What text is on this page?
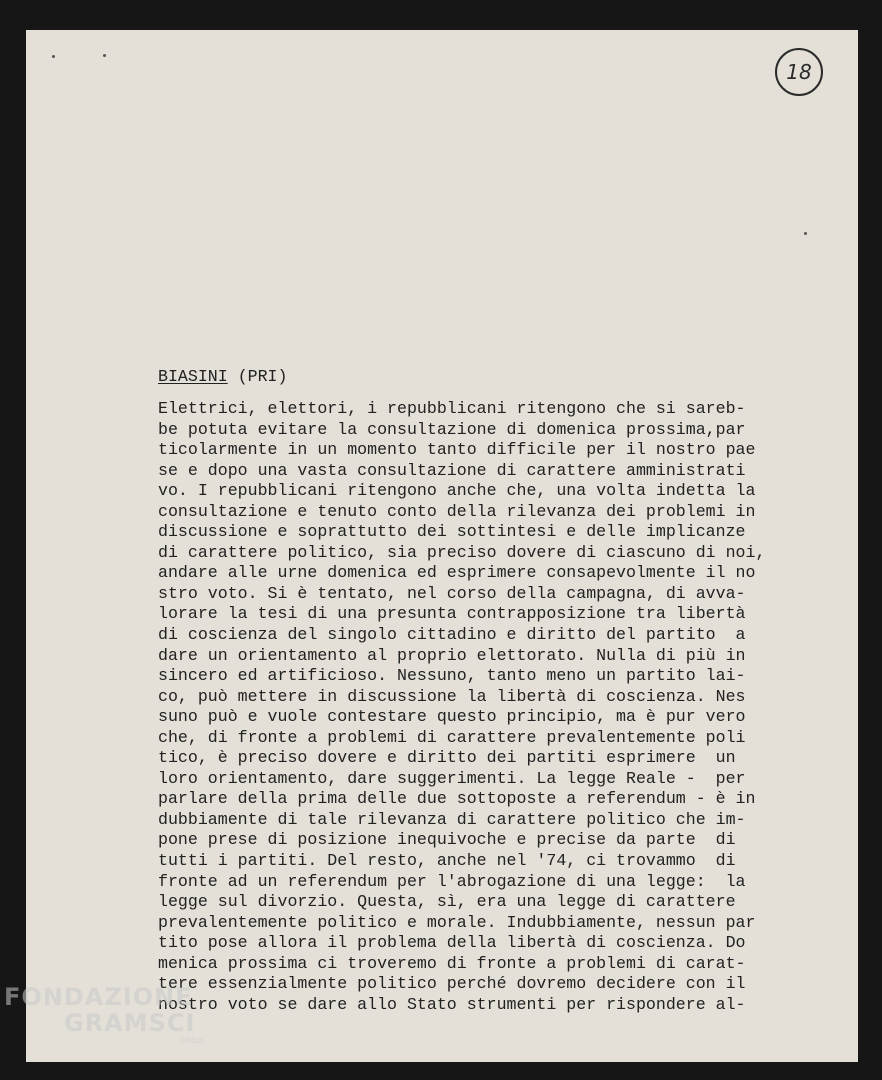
18
BIASINI (PRI)
Elettrici, elettori, i repubblicani ritengono che si sareb-
be potuta evitare la consultazione di domenica prossima,par
ticolarmente in un momento tanto difficile per il nostro pae
se e dopo una vasta consultazione di carattere amministrati
vo. I repubblicani ritengono anche che, una volta indetta la
consultazione e tenuto conto della rilevanza dei problemi in
discussione e soprattutto dei sottintesi e delle implicanze
di carattere politico, sia preciso dovere di ciascuno di noi,
andare alle urne domenica ed esprimere consapevolmente il no
stro voto. Si è tentato, nel corso della campagna, di avva-
lorare la tesi di una presunta contrapposizione tra libertà
di coscienza del singolo cittadino e diritto del partito  a
dare un orientamento al proprio elettorato. Nulla di più in
sincero ed artificioso. Nessuno, tanto meno un partito lai-
co, può mettere in discussione la libertà di coscienza. Nes
suno può e vuole contestare questo principio, ma è pur vero
che, di fronte a problemi di carattere prevalentemente poli
tico, è preciso dovere e diritto dei partiti esprimere  un
loro orientamento, dare suggerimenti. La legge Reale -  per
parlare della prima delle due sottoposte a referendum - è in
dubbiamente di tale rilevanza di carattere politico che im-
pone prese di posizione inequivoche e precise da parte  di
tutti i partiti. Del resto, anche nel '74, ci trovammo  di
fronte ad un referendum per l'abrogazione di una legge:  la
legge sul divorzio. Questa, sì, era una legge di carattere
prevalentemente politico e morale. Indubbiamente, nessun par
tito pose allora il problema della libertà di coscienza. Do
menica prossima ci troveremo di fronte a problemi di carat-
tere essenzialmente politico perché dovremo decidere con il
nostro voto se dare allo Stato strumenti per rispondere al-
FONDAZIONE
GRAMSCI
onlus
